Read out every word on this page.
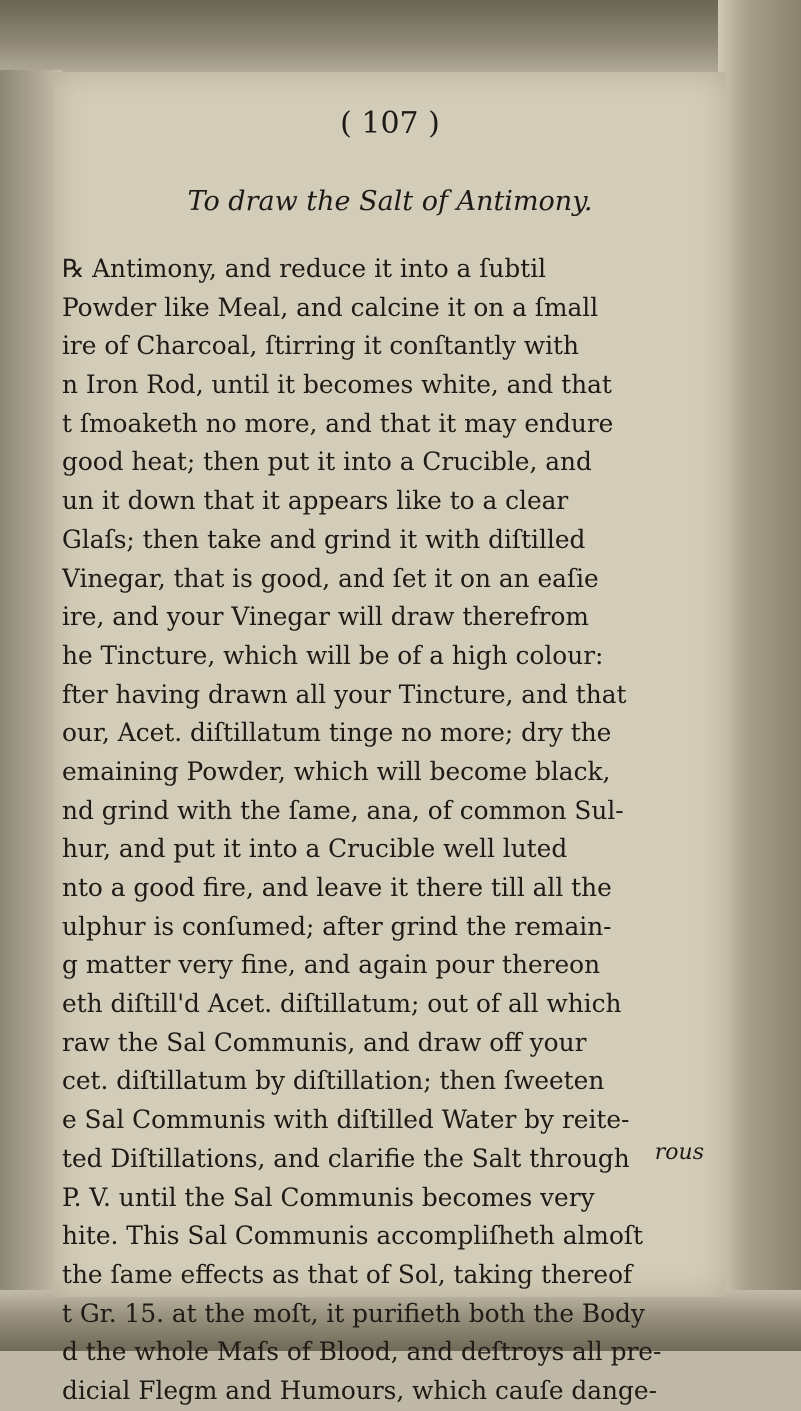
( 107 )
To draw the Salt of Antimony.
℞ Antimony, and reduce it into a ſubtil
Powder like Meal, and calcine it on a ſmall
ire of Charcoal, ſtirring it conſtantly with
n Iron Rod, until it becomes white, and that
t ſmoaketh no more, and that it may endure
good heat; then put it into a Crucible, and
un it down that it appears like to a clear
Glaſs; then take and grind it with diſtilled
Vinegar, that is good, and ſet it on an eaſie
ire, and your Vinegar will draw therefrom
he Tincture, which will be of a high colour:
fter having drawn all your Tincture, and that
our, Acet. diſtillatum tinge no more; dry the
emaining Powder, which will become black,
nd grind with the ſame, ana, of common Sul-
hur, and put it into a Crucible well luted
nto a good fire, and leave it there till all the
ulphur is conſumed; after grind the remain-
g matter very fine, and again pour thereon
eth diſtill'd Acet. diſtillatum; out of all which
raw the Sal Communis, and draw off your
cet. diſtillatum by diſtillation; then ſweeten
e Sal Communis with diſtilled Water by reite-
ted Diſtillations, and clarifie the Salt through
P. V. until the Sal Communis becomes very
hite. This Sal Communis accompliſheth almoſt
the ſame effects as that of Sol, taking thereof
t Gr. 15. at the moſt, it purifieth both the Body
d the whole Maſs of Blood, and deſtroys all pre-
dicial Flegm and Humours, which cauſe dange-
rous
